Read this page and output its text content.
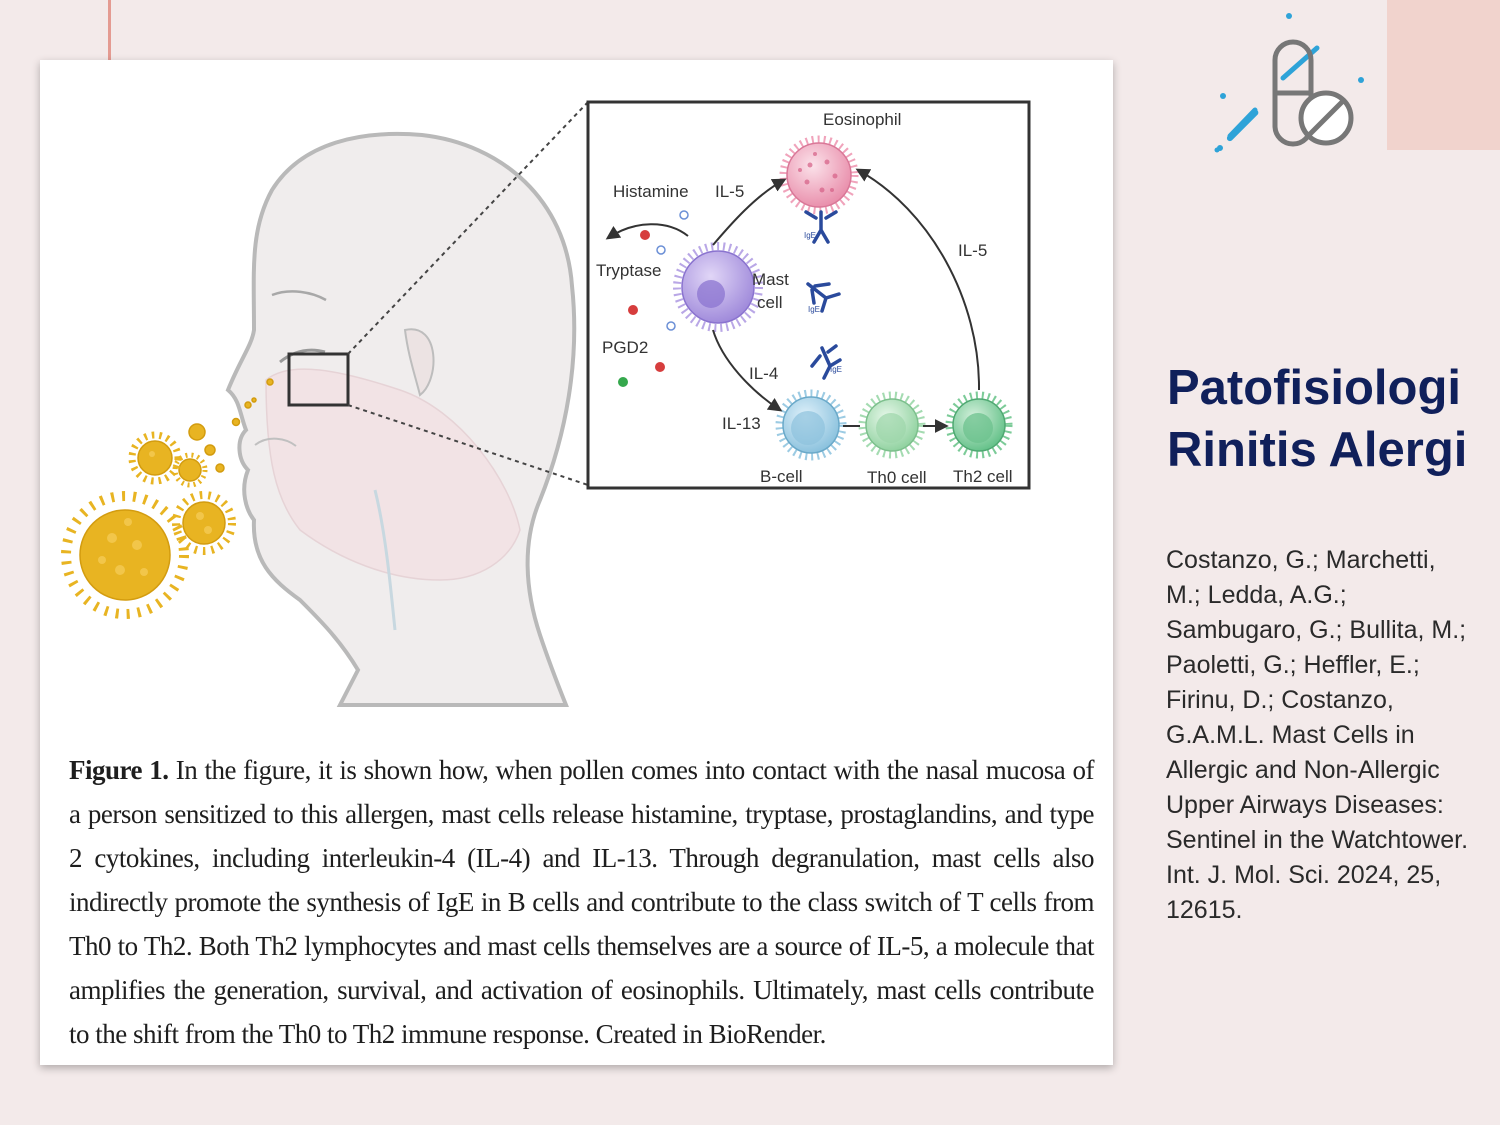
IgE
IgE
IgE
Eosinophil
Histamine IL-5
IL-5
Tryptase	Mast
cell
PGD2
IL-4
IL-13
B-cell	Th0 cell Th2 cell
Figure 1. In the figure, it is shown how, when pollen comes into contact with the nasal mucosa of a person sensitized to this allergen, mast cells release histamine, tryptase, prostaglandins, and type 2 cytokines, including interleukin-4 (IL-4) and IL-13. Through degranulation, mast cells also indirectly promote the synthesis of IgE in B cells and contribute to the class switch of T cells from Th0 to Th2. Both Th2 lymphocytes and mast cells themselves are a source of IL-5, a molecule that amplifies the generation, survival, and activation of eosinophils. Ultimately, mast cells contribute to the shift from the Th0 to Th2 immune response. Created in BioRender.
Patofisiologi
Rinitis Alergi
Costanzo, G.; Marchetti, M.; Ledda, A.G.; Sambugaro, G.; Bullita, M.; Paoletti, G.; Heffler, E.; Firinu, D.; Costanzo, G.A.M.L. Mast Cells in Allergic and Non-Allergic Upper Airways Diseases: Sentinel in the Watchtower. Int. J. Mol. Sci. 2024, 25, 12615.
